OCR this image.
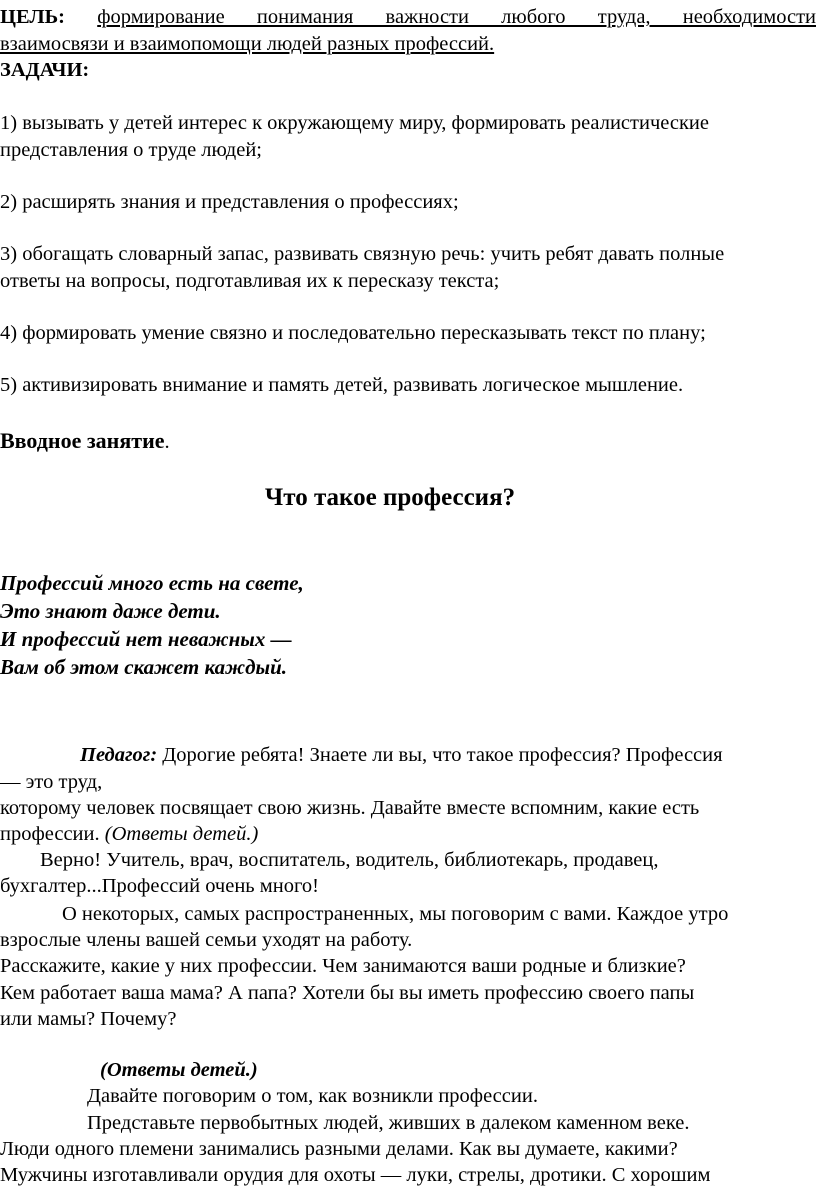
ЦЕЛЬ: формирование понимания важности любого труда, необходимости
взаимосвязи и взаимопомощи людей разных профессий.
ЗАДАЧИ:
1) вызывать у детей интерес к окружающему миру, формировать реалистические
представления о труде людей;
2) расширять знания и представления о профессиях;
3) обогащать словарный запас, развивать связную речь: учить ребят давать полные
ответы на вопросы, подготавливая их к пересказу текста;
4) формировать умение связно и последовательно пересказывать текст по плану;
5) активизировать внимание и память детей, развивать логическое мышление.
Вводное занятие.
Что такое профессия?
Профессий много есть на свете,
Это знают даже дети.
И профессий нет неважных —
Вам об этом скажет каждый.
Педагог: Дорогие ребята! Знаете ли вы, что такое профессия? Профессия
— это труд,
которому человек посвящает свою жизнь. Давайте вместе вспомним, какие есть
профессии. (Ответы детей.)
Верно! Учитель, врач, воспитатель, водитель, библиотекарь, продавец,
бухгалтер...Профессий очень много!
О некоторых, самых распространенных, мы поговорим с вами. Каждое утро
взрослые члены вашей семьи уходят на работу.
Расскажите, какие у них профессии. Чем занимаются ваши родные и близкие?
Кем работает ваша мама? А папа? Хотели бы вы иметь профессию своего папы
или мамы? Почему?
(Ответы детей.)
Давайте поговорим о том, как возникли профессии.
Представьте первобытных людей, живших в далеком каменном веке.
Люди одного племени занимались разными делами. Как вы думаете, какими?
Мужчины изготавливали орудия для охоты — луки, стрелы, дротики. С хорошим
